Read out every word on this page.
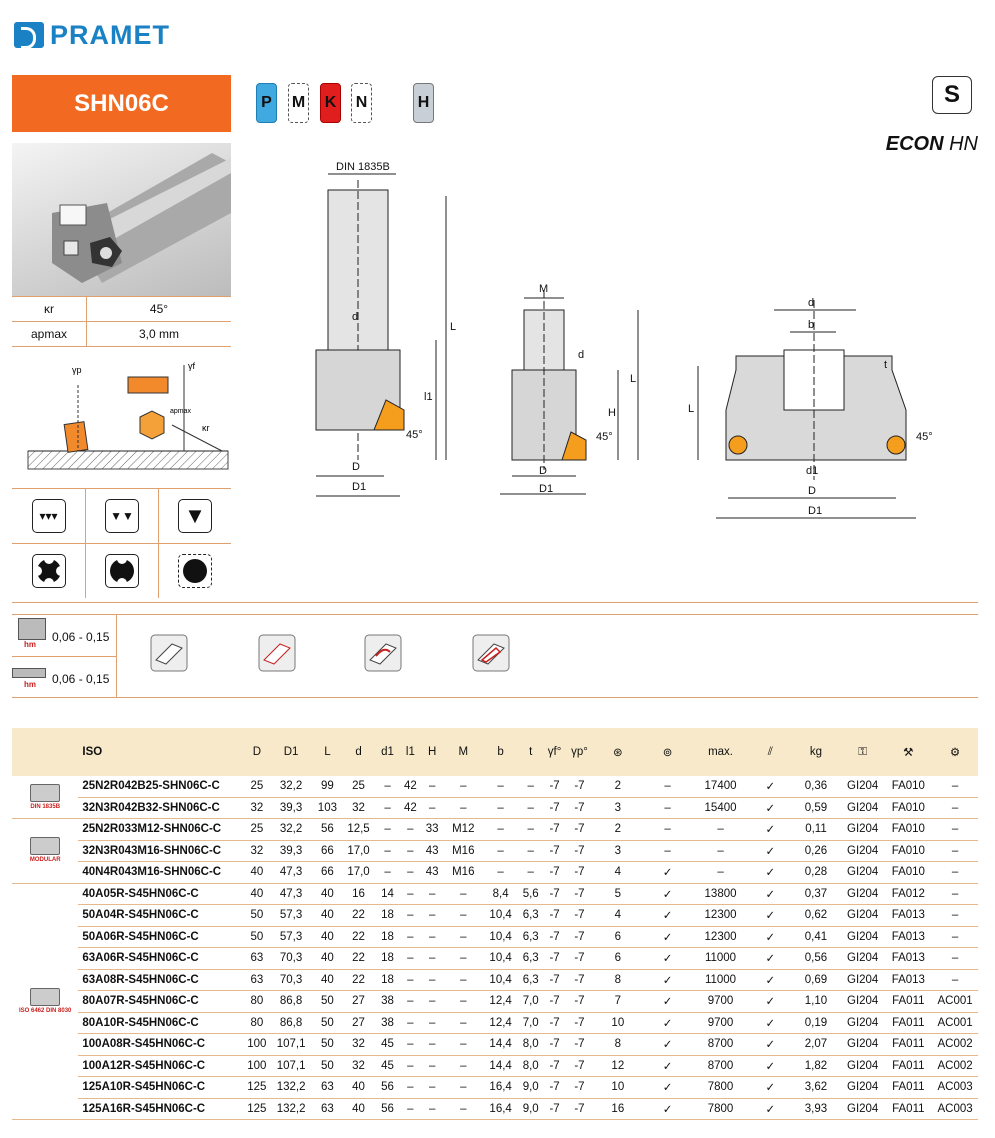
PRAMET
SHN06C	P	M K N	H	S
ECON HN
κr	45°
apmax	3,0 mm
γp	γf
apmax
κr
▾▾▾	▼▼ ▼
DIN 1835B
d
L
l1
D
D1
45°
M
d
L
H
D
D1
45°
d
b
t
L
d1
D
D1
45°
hm
0,06 - 0,15
hm 0,06 - 0,15
	ISO	D	D1	L	d	d1	l1	H	M	b	t	γf°	γp°	⊛	⊚	max.	⫽	kg	⚿	⚒	⚙

DIN 1835B	25N2R042B25-SHN06C-C	25	32,2	99	25	–	42	–	–	–	–	-7	-7	2	–	17400	✓	0,36	GI204	FA010	–
	32N3R042B32-SHN06C-C	32	39,3	103	32	–	42	–	–	–	–	-7	-7	3	–	15400	✓	0,59	GI204	FA010	–

MODULAR	25N2R033M12-SHN06C-C	25	32,2	56	12,5	–	–	33	M12	–	–	-7	-7	2	–	–	✓	0,11	GI204	FA010	–
	32N3R043M16-SHN06C-C	32	39,3	66	17,0	–	–	43	M16	–	–	-7	-7	3	–	–	✓	0,26	GI204	FA010	–
	40N4R043M16-SHN06C-C	40	47,3	66	17,0	–	–	43	M16	–	–	-7	-7	4	✓	–	✓	0,28	GI204	FA010	–

ISO 6462 DIN 8030	40A05R-S45HN06C-C	40	47,3	40	16	14	–	–	–	8,4	5,6	-7	-7	5	✓	13800	✓	0,37	GI204	FA012	–
	50A04R-S45HN06C-C	50	57,3	40	22	18	–	–	–	10,4	6,3	-7	-7	4	✓	12300	✓	0,62	GI204	FA013	–
	50A06R-S45HN06C-C	50	57,3	40	22	18	–	–	–	10,4	6,3	-7	-7	6	✓	12300	✓	0,41	GI204	FA013	–
	63A06R-S45HN06C-C	63	70,3	40	22	18	–	–	–	10,4	6,3	-7	-7	6	✓	11000	✓	0,56	GI204	FA013	–
	63A08R-S45HN06C-C	63	70,3	40	22	18	–	–	–	10,4	6,3	-7	-7	8	✓	11000	✓	0,69	GI204	FA013	–
	80A07R-S45HN06C-C	80	86,8	50	27	38	–	–	–	12,4	7,0	-7	-7	7	✓	9700	✓	1,10	GI204	FA011	AC001
	80A10R-S45HN06C-C	80	86,8	50	27	38	–	–	–	12,4	7,0	-7	-7	10	✓	9700	✓	0,19	GI204	FA011	AC001
	100A08R-S45HN06C-C	100	107,1	50	32	45	–	–	–	14,4	8,0	-7	-7	8	✓	8700	✓	2,07	GI204	FA011	AC002
	100A12R-S45HN06C-C	100	107,1	50	32	45	–	–	–	14,4	8,0	-7	-7	12	✓	8700	✓	1,82	GI204	FA011	AC002
	125A10R-S45HN06C-C	125	132,2	63	40	56	–	–	–	16,4	9,0	-7	-7	10	✓	7800	✓	3,62	GI204	FA011	AC003
	125A16R-S45HN06C-C	125	132,2	63	40	56	–	–	–	16,4	9,0	-7	-7	16	✓	7800	✓	3,93	GI204	FA011	AC003
